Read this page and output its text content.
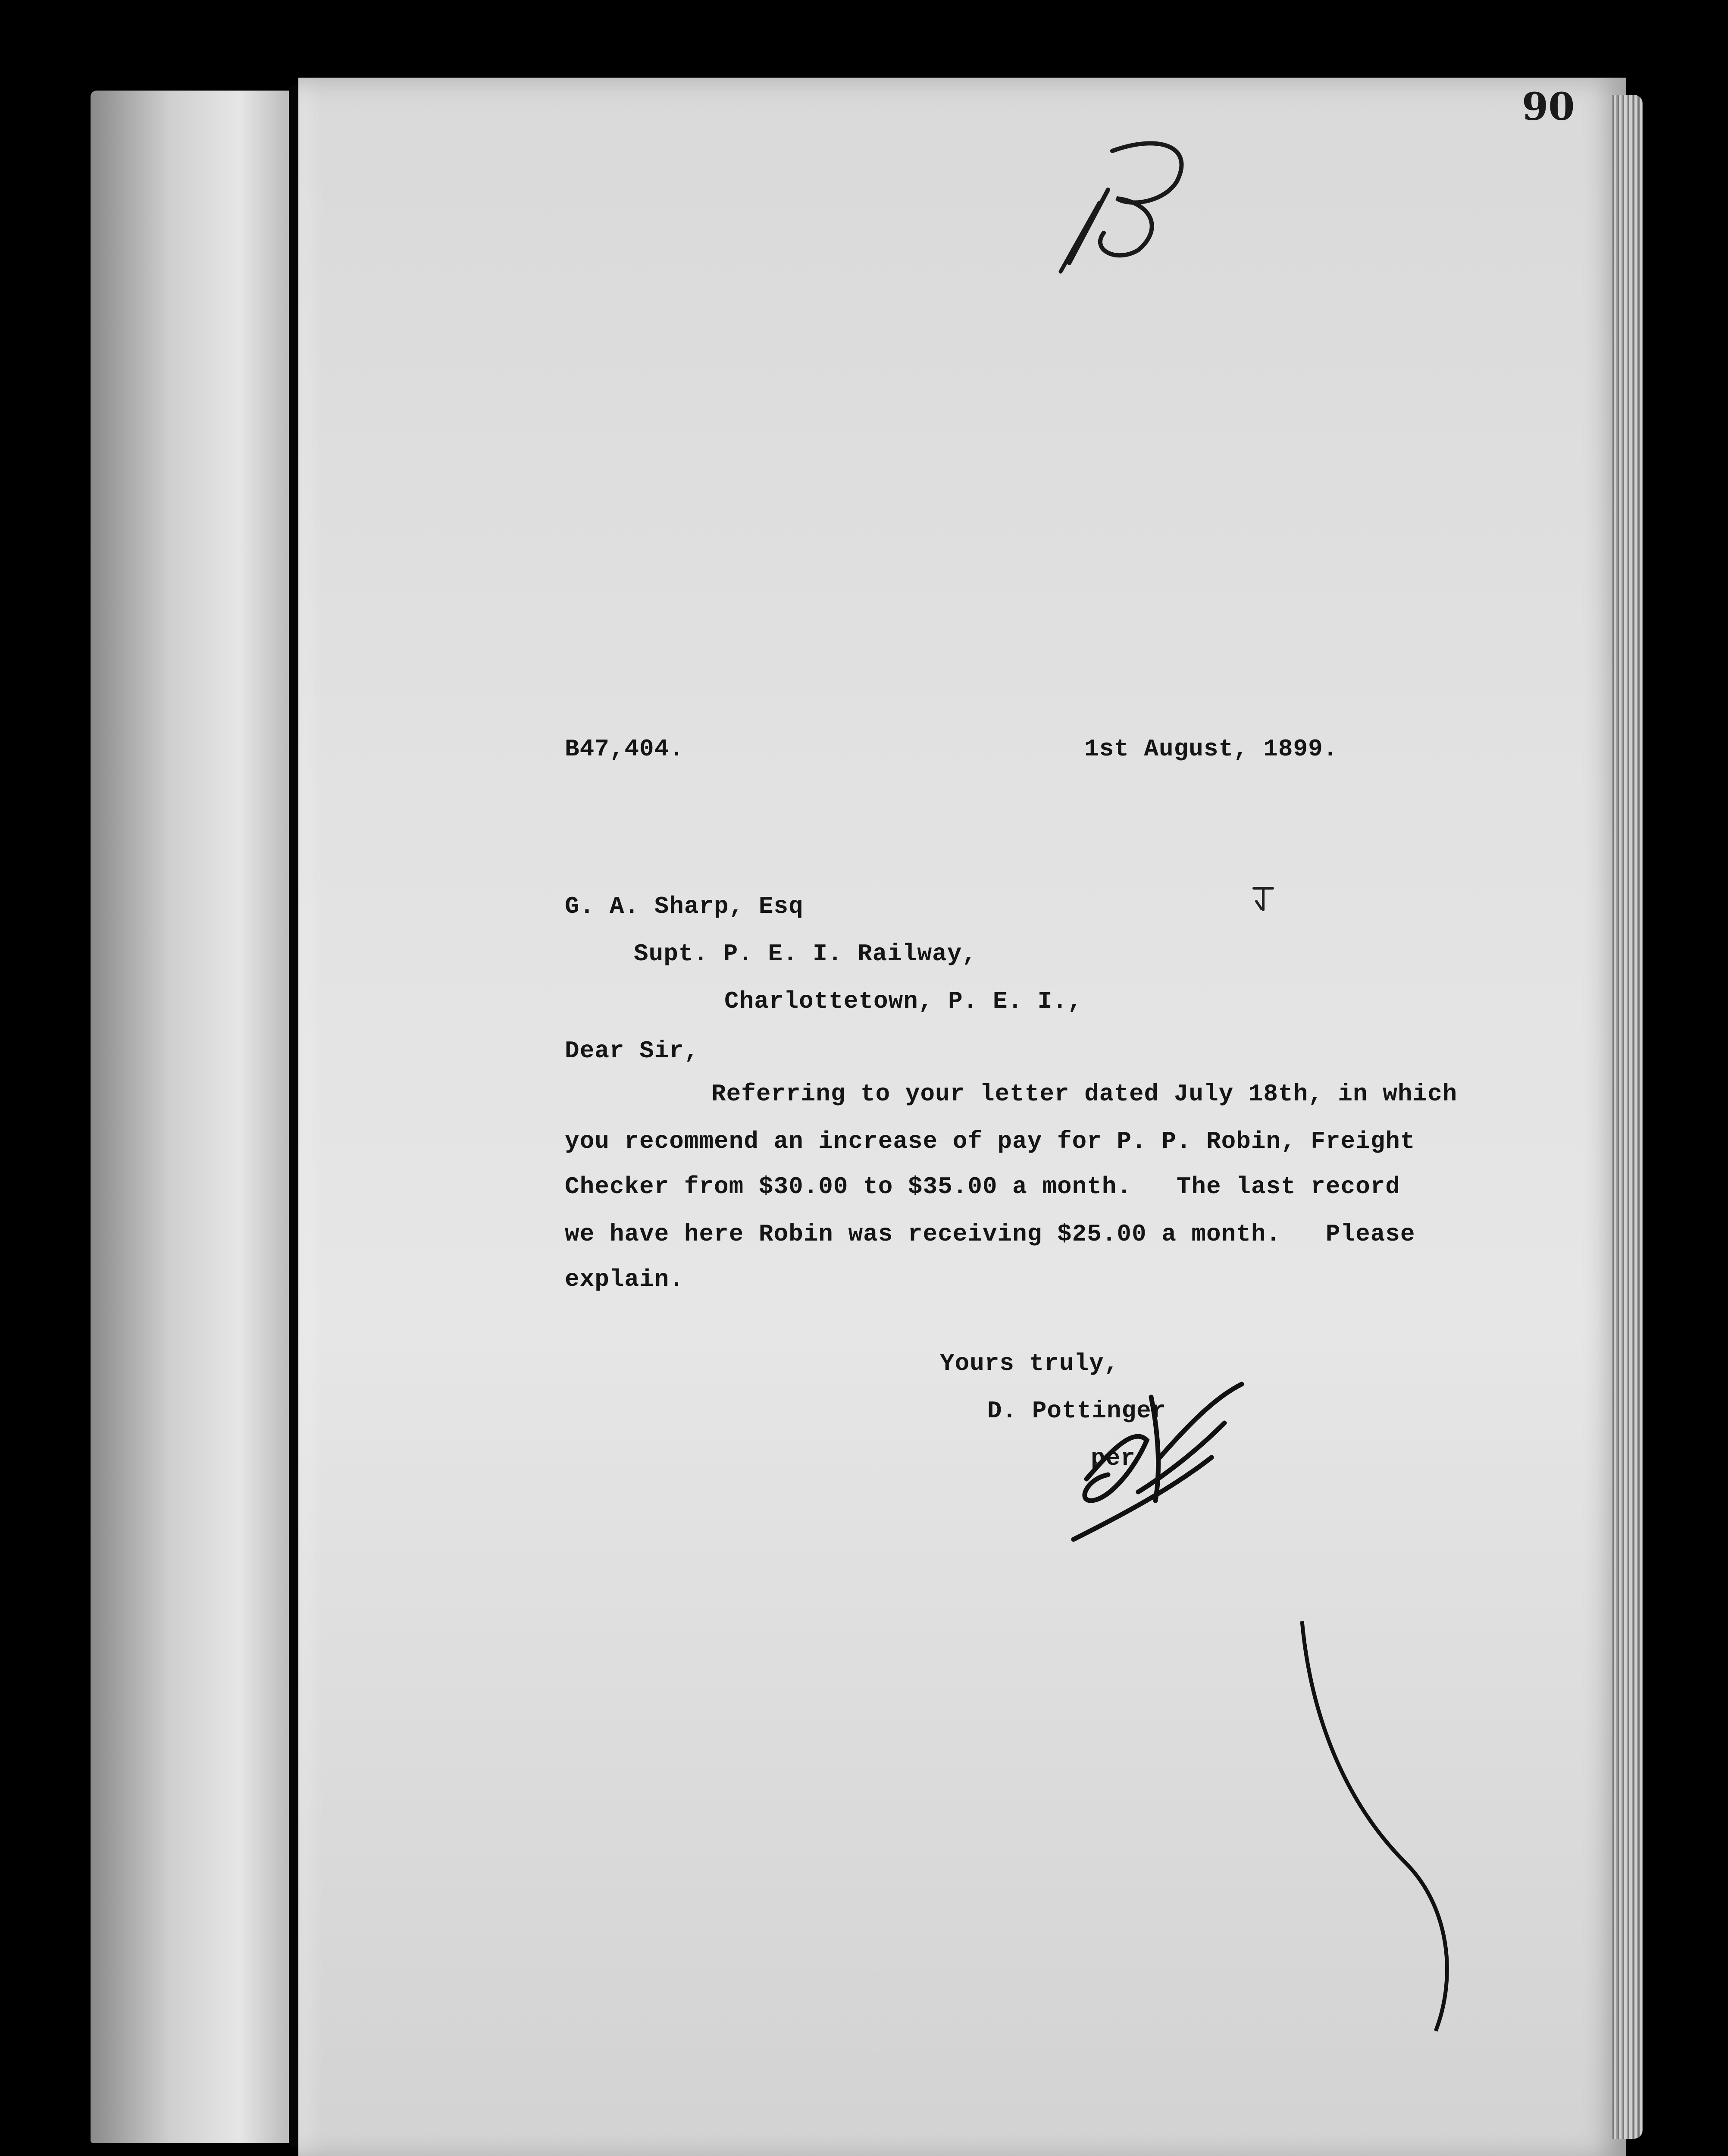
90
B47,404.	1st August, 1899.
G. A. Sharp, Esq
Supt. P. E. I. Railway,
Charlottetown, P. E. I.,
Dear Sir,
Referring to your letter dated July 18th, in which
you recommend an increase of pay for P. P. Robin, Freight
Checker from $30.00 to $35.00 a month.   The last record
we have here Robin was receiving $25.00 a month.   Please
explain.
Yours truly,
D. Pottinger
per
